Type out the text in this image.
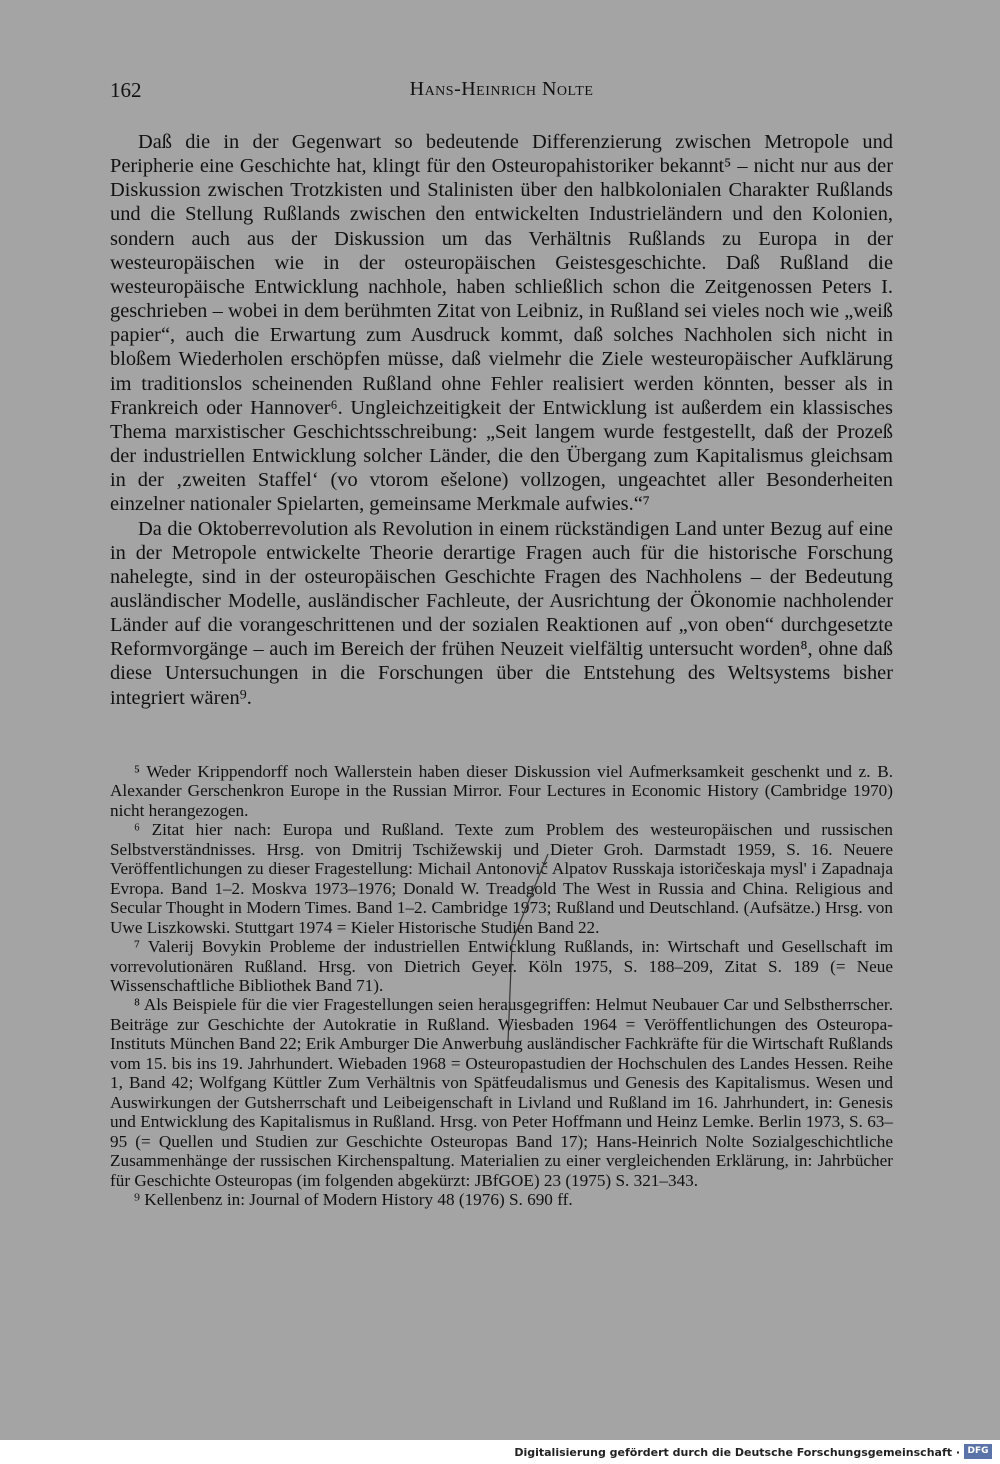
162	Hans-Heinrich Nolte

Daß die in der Gegenwart so bedeutende Differenzierung zwischen Metropole und Peripherie eine Geschichte hat, klingt für den Osteuropahistoriker bekannt⁵ – nicht nur aus der Diskussion zwischen Trotzkisten und Stalinisten über den halbkolonialen Charakter Rußlands und die Stellung Rußlands zwischen den entwickelten Industrieländern und den Kolonien, sondern auch aus der Diskussion um das Verhältnis Rußlands zu Europa in der westeuropäischen wie in der osteuropäischen Geistesgeschichte. Daß Rußland die westeuropäische Entwicklung nachhole, haben schließlich schon die Zeitgenossen Peters I. geschrieben – wobei in dem berühmten Zitat von Leibniz, in Rußland sei vieles noch wie „weiß papier“, auch die Erwartung zum Ausdruck kommt, daß solches Nachholen sich nicht in bloßem Wiederholen erschöpfen müsse, daß vielmehr die Ziele westeuropäischer Aufklärung im traditionslos scheinenden Rußland ohne Fehler realisiert werden könnten, besser als in Frankreich oder Hannover⁶. Ungleichzeitigkeit der Entwicklung ist außerdem ein klassisches Thema marxistischer Geschichtsschreibung: „Seit langem wurde festgestellt, daß der Prozeß der industriellen Entwicklung solcher Länder, die den Übergang zum Kapitalismus gleichsam in der ‚zweiten Staffel‘ (vo vtorom ešelone) vollzogen, ungeachtet aller Besonderheiten einzelner nationaler Spielarten, gemeinsame Merkmale aufwies.“⁷

Da die Oktoberrevolution als Revolution in einem rückständigen Land unter Bezug auf eine in der Metropole entwickelte Theorie derartige Fragen auch für die historische Forschung nahelegte, sind in der osteuropäischen Geschichte Fragen des Nachholens – der Bedeutung ausländischer Modelle, ausländischer Fachleute, der Ausrichtung der Ökonomie nachholender Länder auf die vorangeschrittenen und der sozialen Reaktionen auf „von oben“ durchgesetzte Reformvorgänge – auch im Bereich der frühen Neuzeit vielfältig untersucht worden⁸, ohne daß diese Untersuchungen in die Forschungen über die Entstehung des Weltsystems bisher integriert wären⁹.

⁵ Weder Krippendorff noch Wallerstein haben dieser Diskussion viel Aufmerksamkeit geschenkt und z. B. Alexander Gerschenkron Europe in the Russian Mirror. Four Lectures in Economic History (Cambridge 1970) nicht herangezogen.

⁶ Zitat hier nach: Europa und Rußland. Texte zum Problem des westeuropäischen und russischen Selbstverständnisses. Hrsg. von Dmitrij Tschižewskij und Dieter Groh. Darmstadt 1959, S. 16. Neuere Veröffentlichungen zu dieser Fragestellung: Michail Antonovič Alpatov Russkaja istoričeskaja mysl' i Zapadnaja Evropa. Band 1–2. Moskva 1973–1976; Donald W. Treadgold The West in Russia and China. Religious and Secular Thought in Modern Times. Band 1–2. Cambridge 1973; Rußland und Deutschland. (Aufsätze.) Hrsg. von Uwe Liszkowski. Stuttgart 1974 = Kieler Historische Studien Band 22.

⁷ Valerij Bovykin Probleme der industriellen Entwicklung Rußlands, in: Wirtschaft und Gesellschaft im vorrevolutionären Rußland. Hrsg. von Dietrich Geyer. Köln 1975, S. 188–209, Zitat S. 189 (= Neue Wissenschaftliche Bibliothek Band 71).

⁸ Als Beispiele für die vier Fragestellungen seien herausgegriffen: Helmut Neubauer Car und Selbstherrscher. Beiträge zur Geschichte der Autokratie in Rußland. Wiesbaden 1964 = Veröffentlichungen des Osteuropa-Instituts München Band 22; Erik Amburger Die Anwerbung ausländischer Fachkräfte für die Wirtschaft Rußlands vom 15. bis ins 19. Jahrhundert. Wiebaden 1968 = Osteuropastudien der Hochschulen des Landes Hessen. Reihe 1, Band 42; Wolfgang Küttler Zum Verhältnis von Spätfeudalismus und Genesis des Kapitalismus. Wesen und Auswirkungen der Gutsherrschaft und Leibeigenschaft in Livland und Rußland im 16. Jahrhundert, in: Genesis und Entwicklung des Kapitalismus in Rußland. Hrsg. von Peter Hoffmann und Heinz Lemke. Berlin 1973, S. 63–95 (= Quellen und Studien zur Geschichte Osteuropas Band 17); Hans-Heinrich Nolte Sozialgeschichtliche Zusammenhänge der russischen Kirchenspaltung. Materialien zu einer vergleichenden Erklärung, in: Jahrbücher für Geschichte Osteuropas (im folgenden abgekürzt: JBfGOE) 23 (1975) S. 321–343.

⁹ Kellenbenz in: Journal of Modern History 48 (1976) S. 690 ff.

Digitalisierung gefördert durch die Deutsche Forschungsgemeinschaft · DFG
